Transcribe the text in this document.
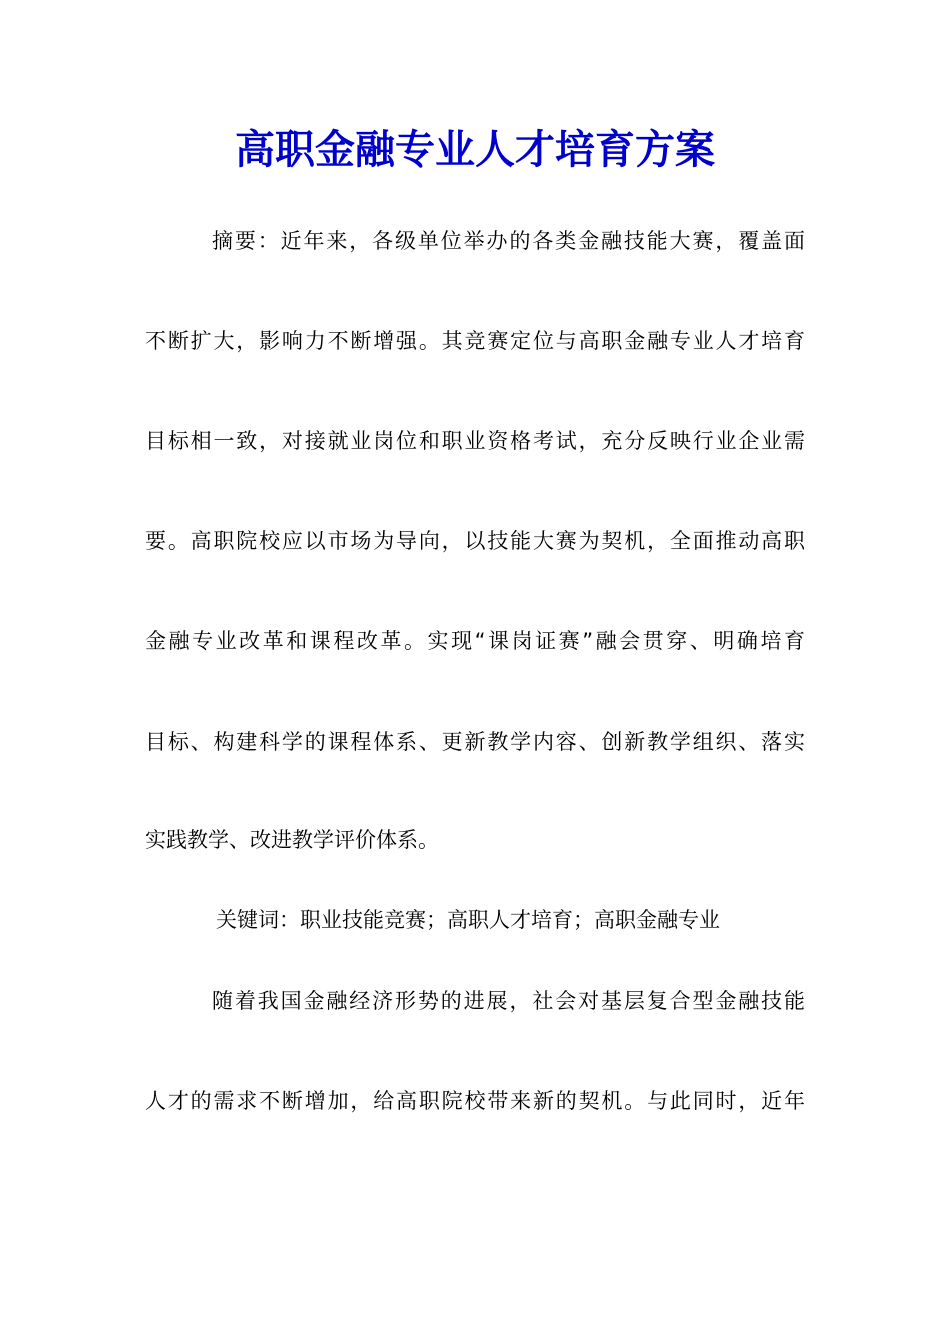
高职金融专业人才培育方案
摘要：近年来，各级单位举办的各类金融技能大赛，覆盖面
不断扩大，影响力不断增强。其竞赛定位与高职金融专业人才培育
目标相一致，对接就业岗位和职业资格考试，充分反映行业企业需
要。高职院校应以市场为导向，以技能大赛为契机，全面推动高职
金融专业改革和课程改革。实现“课岗证赛”融会贯穿、明确培育
目标、构建科学的课程体系、更新教学内容、创新教学组织、落实
实践教学、改进教学评价体系。
关键词：职业技能竞赛；高职人才培育；高职金融专业
随着我国金融经济形势的进展，社会对基层复合型金融技能
人才的需求不断增加，给高职院校带来新的契机。与此同时，近年
